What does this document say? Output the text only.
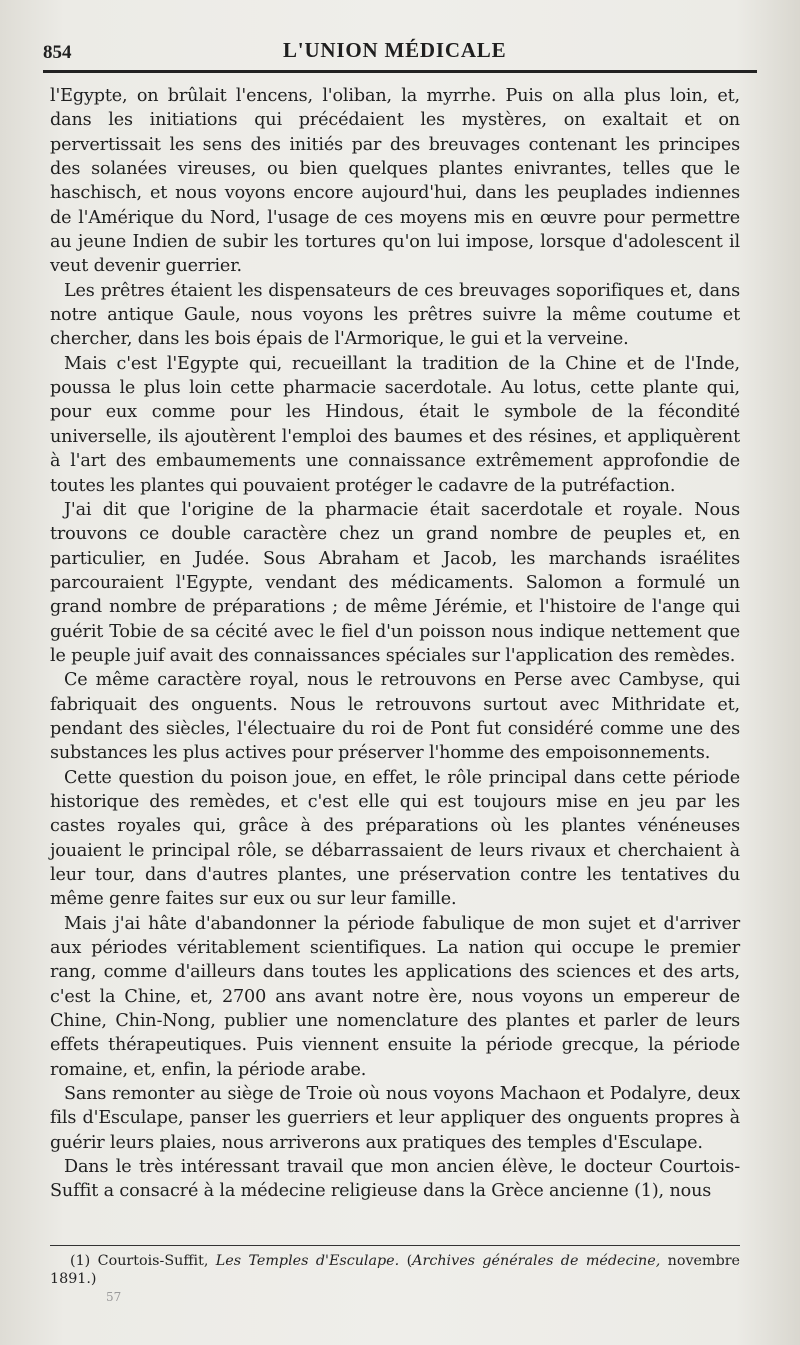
854	L'UNION MÉDICALE

l'Egypte, on brûlait l'encens, l'oliban, la myrrhe. Puis on alla plus loin, et, dans les initiations qui précédaient les mystères, on exaltait et on pervertissait les sens des initiés par des breuvages contenant les principes des solanées vireuses, ou bien quelques plantes enivrantes, telles que le haschisch, et nous voyons encore aujourd'hui, dans les peuplades indiennes de l'Amérique du Nord, l'usage de ces moyens mis en œuvre pour permettre au jeune Indien de subir les tortures qu'on lui impose, lorsque d'adolescent il veut devenir guerrier.

Les prêtres étaient les dispensateurs de ces breuvages soporifiques et, dans notre antique Gaule, nous voyons les prêtres suivre la même coutume et chercher, dans les bois épais de l'Armorique, le gui et la verveine.

Mais c'est l'Egypte qui, recueillant la tradition de la Chine et de l'Inde, poussa le plus loin cette pharmacie sacerdotale. Au lotus, cette plante qui, pour eux comme pour les Hindous, était le symbole de la fécondité universelle, ils ajoutèrent l'emploi des baumes et des résines, et appliquèrent à l'art des embaumements une connaissance extrêmement approfondie de toutes les plantes qui pouvaient protéger le cadavre de la putréfaction.

J'ai dit que l'origine de la pharmacie était sacerdotale et royale. Nous trouvons ce double caractère chez un grand nombre de peuples et, en particulier, en Judée. Sous Abraham et Jacob, les marchands israélites parcouraient l'Egypte, vendant des médicaments. Salomon a formulé un grand nombre de préparations ; de même Jérémie, et l'histoire de l'ange qui guérit Tobie de sa cécité avec le fiel d'un poisson nous indique nettement que le peuple juif avait des connaissances spéciales sur l'application des remèdes.

Ce même caractère royal, nous le retrouvons en Perse avec Cambyse, qui fabriquait des onguents. Nous le retrouvons surtout avec Mithridate et, pendant des siècles, l'électuaire du roi de Pont fut considéré comme une des substances les plus actives pour préserver l'homme des empoisonnements.

Cette question du poison joue, en effet, le rôle principal dans cette période historique des remèdes, et c'est elle qui est toujours mise en jeu par les castes royales qui, grâce à des préparations où les plantes vénéneuses jouaient le principal rôle, se débarrassaient de leurs rivaux et cherchaient à leur tour, dans d'autres plantes, une préservation contre les tentatives du même genre faites sur eux ou sur leur famille.

Mais j'ai hâte d'abandonner la période fabulique de mon sujet et d'arriver aux périodes véritablement scientifiques. La nation qui occupe le premier rang, comme d'ailleurs dans toutes les applications des sciences et des arts, c'est la Chine, et, 2700 ans avant notre ère, nous voyons un empereur de Chine, Chin-Nong, publier une nomenclature des plantes et parler de leurs effets thérapeutiques. Puis viennent ensuite la période grecque, la période romaine, et, enfin, la période arabe.

Sans remonter au siège de Troie où nous voyons Machaon et Podalyre, deux fils d'Esculape, panser les guerriers et leur appliquer des onguents propres à guérir leurs plaies, nous arriverons aux pratiques des temples d'Esculape.

Dans le très intéressant travail que mon ancien élève, le docteur Courtois-Suffit a consacré à la médecine religieuse dans la Grèce ancienne (1), nous

(1) Courtois-Suffit, Les Temples d'Esculape. (Archives générales de médecine, novembre 1891.)
57
